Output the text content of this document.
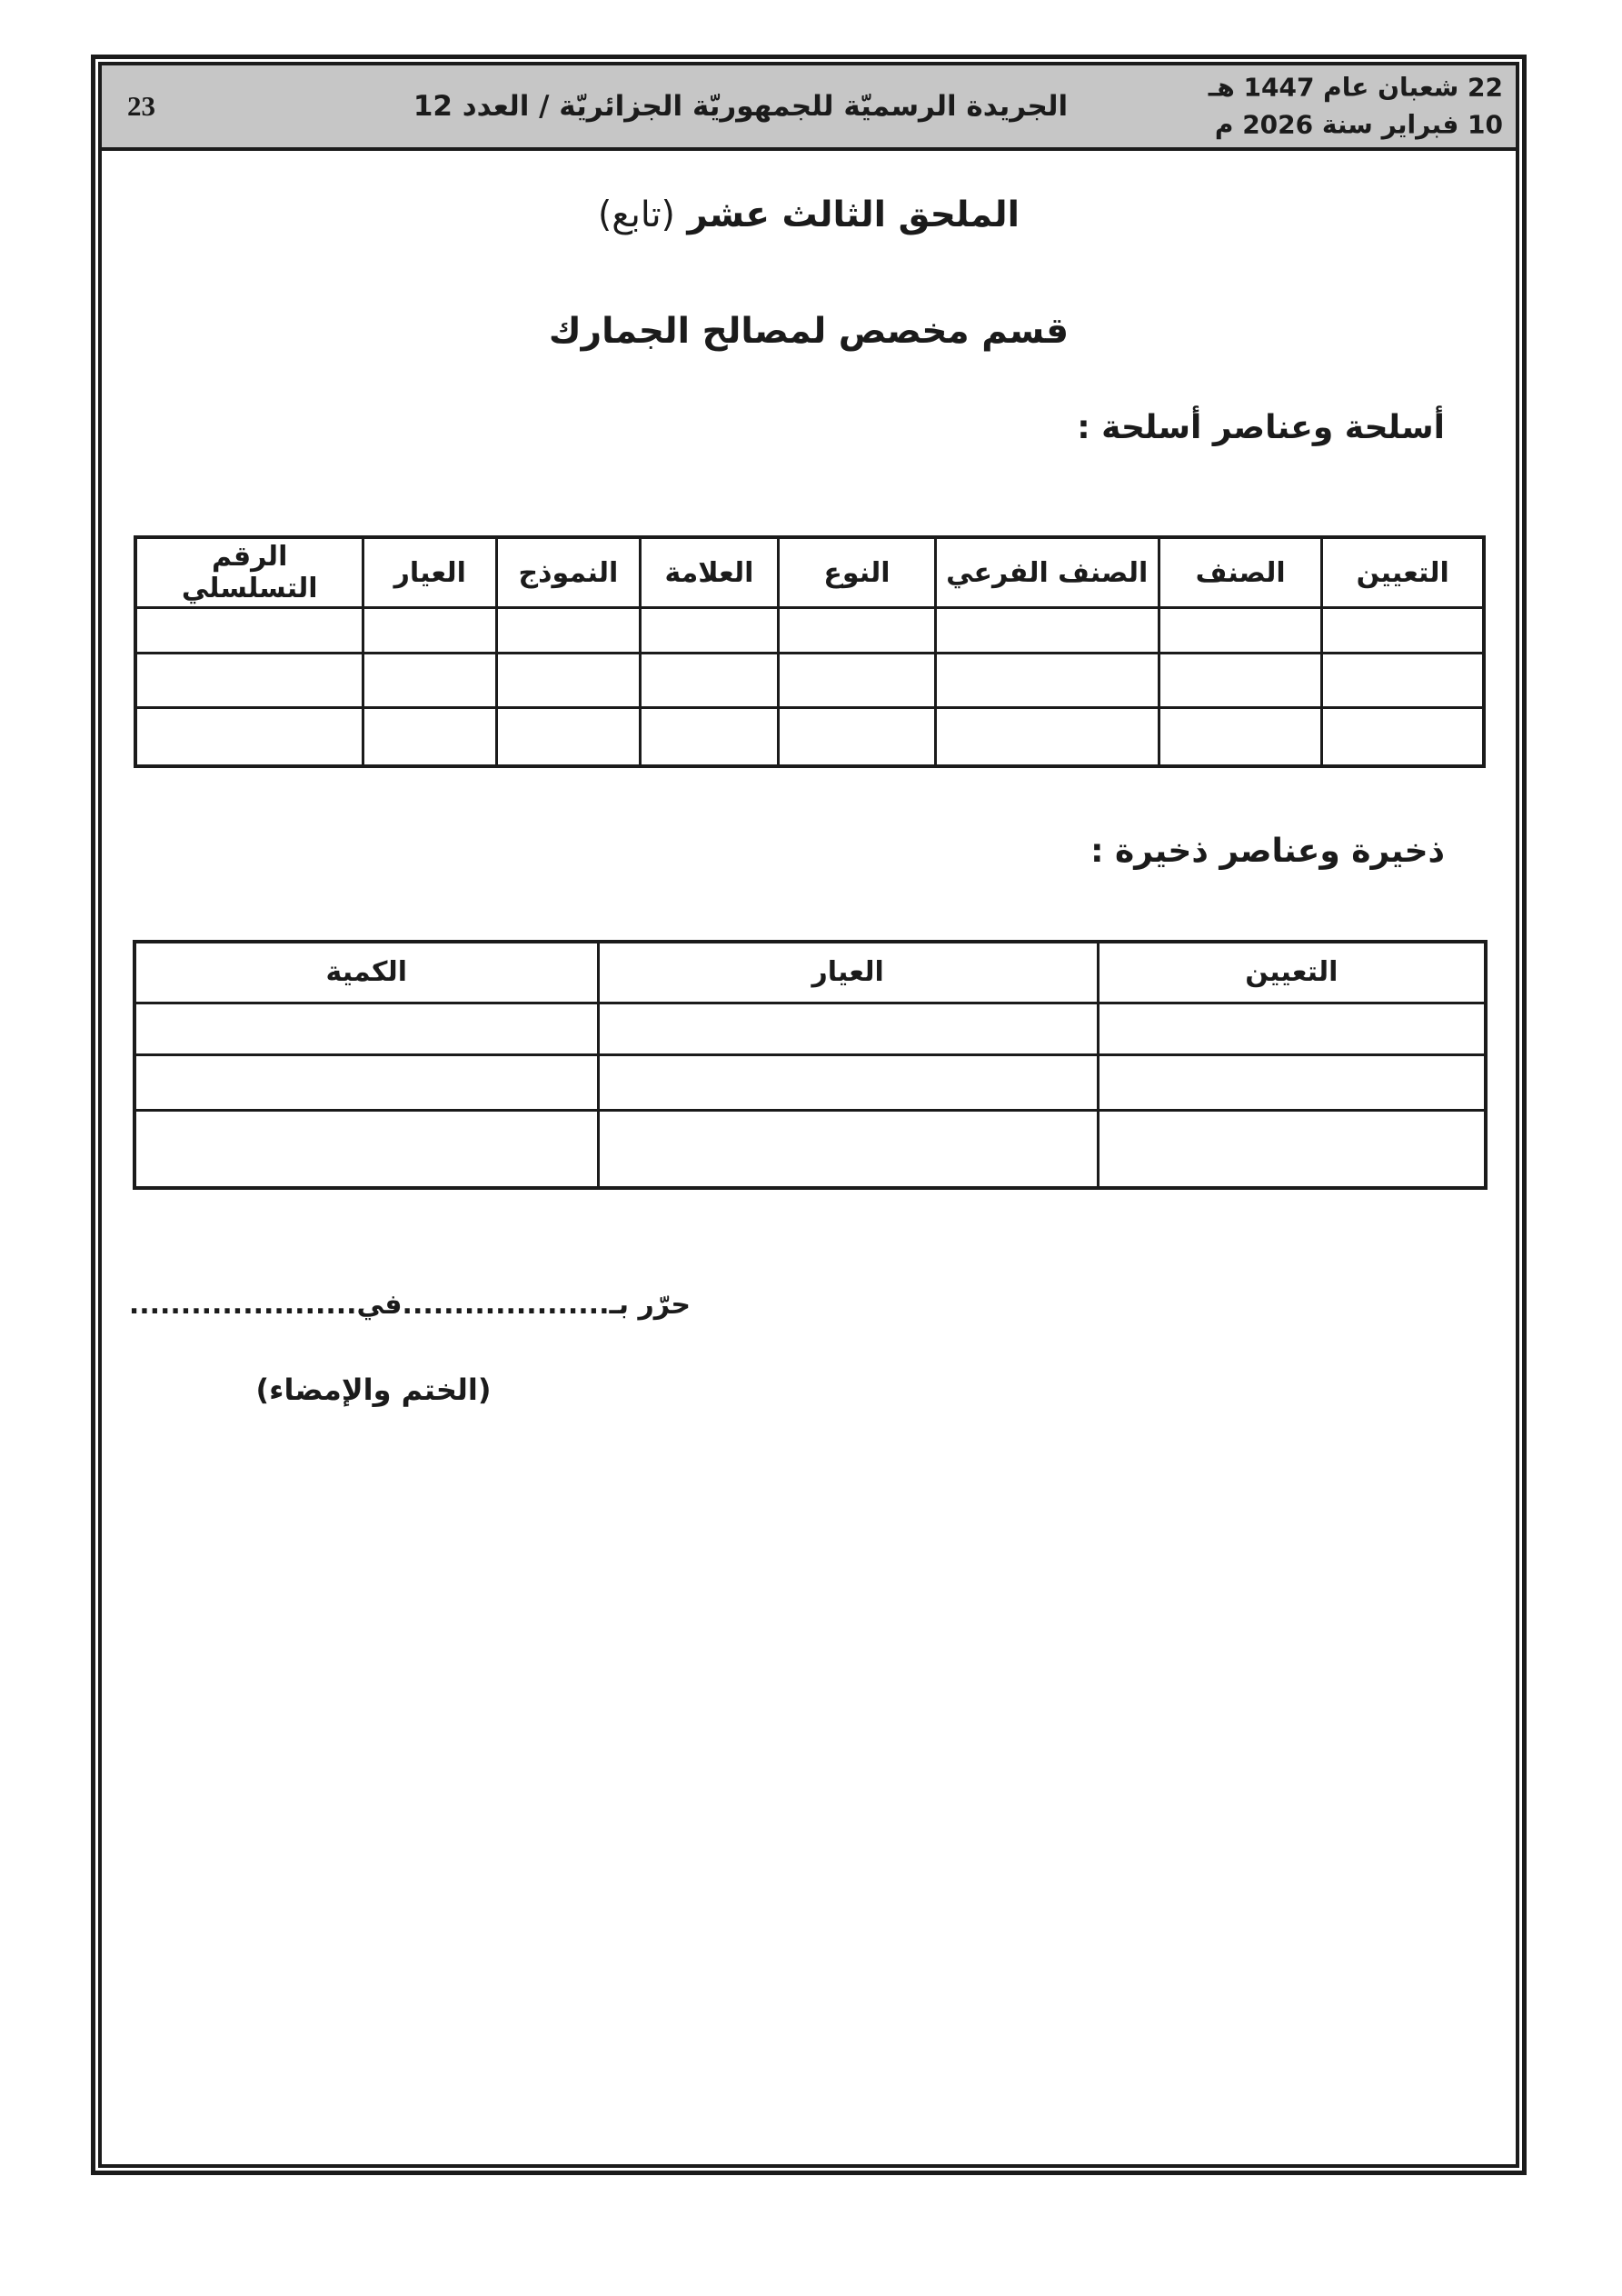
23	الجريدة الرسميّة للجمهوريّة الجزائريّة / العدد 12
22 شعبان عام 1447 هـ
10 فبراير سنة 2026 م
الملحق الثالث عشر (تابع)
قسم مخصص لمصالح الجمارك
أسلحة وعناصر أسلحة :
التعيين	الصنف	الصنف الفرعي	النوع	العلامة	النموذج	العيار	الرقم التسلسلي

ذخيرة وعناصر ذخيرة :
التعيين	العيار	الكمية

حرّر بـ....................في......................
(الختم والإمضاء)
